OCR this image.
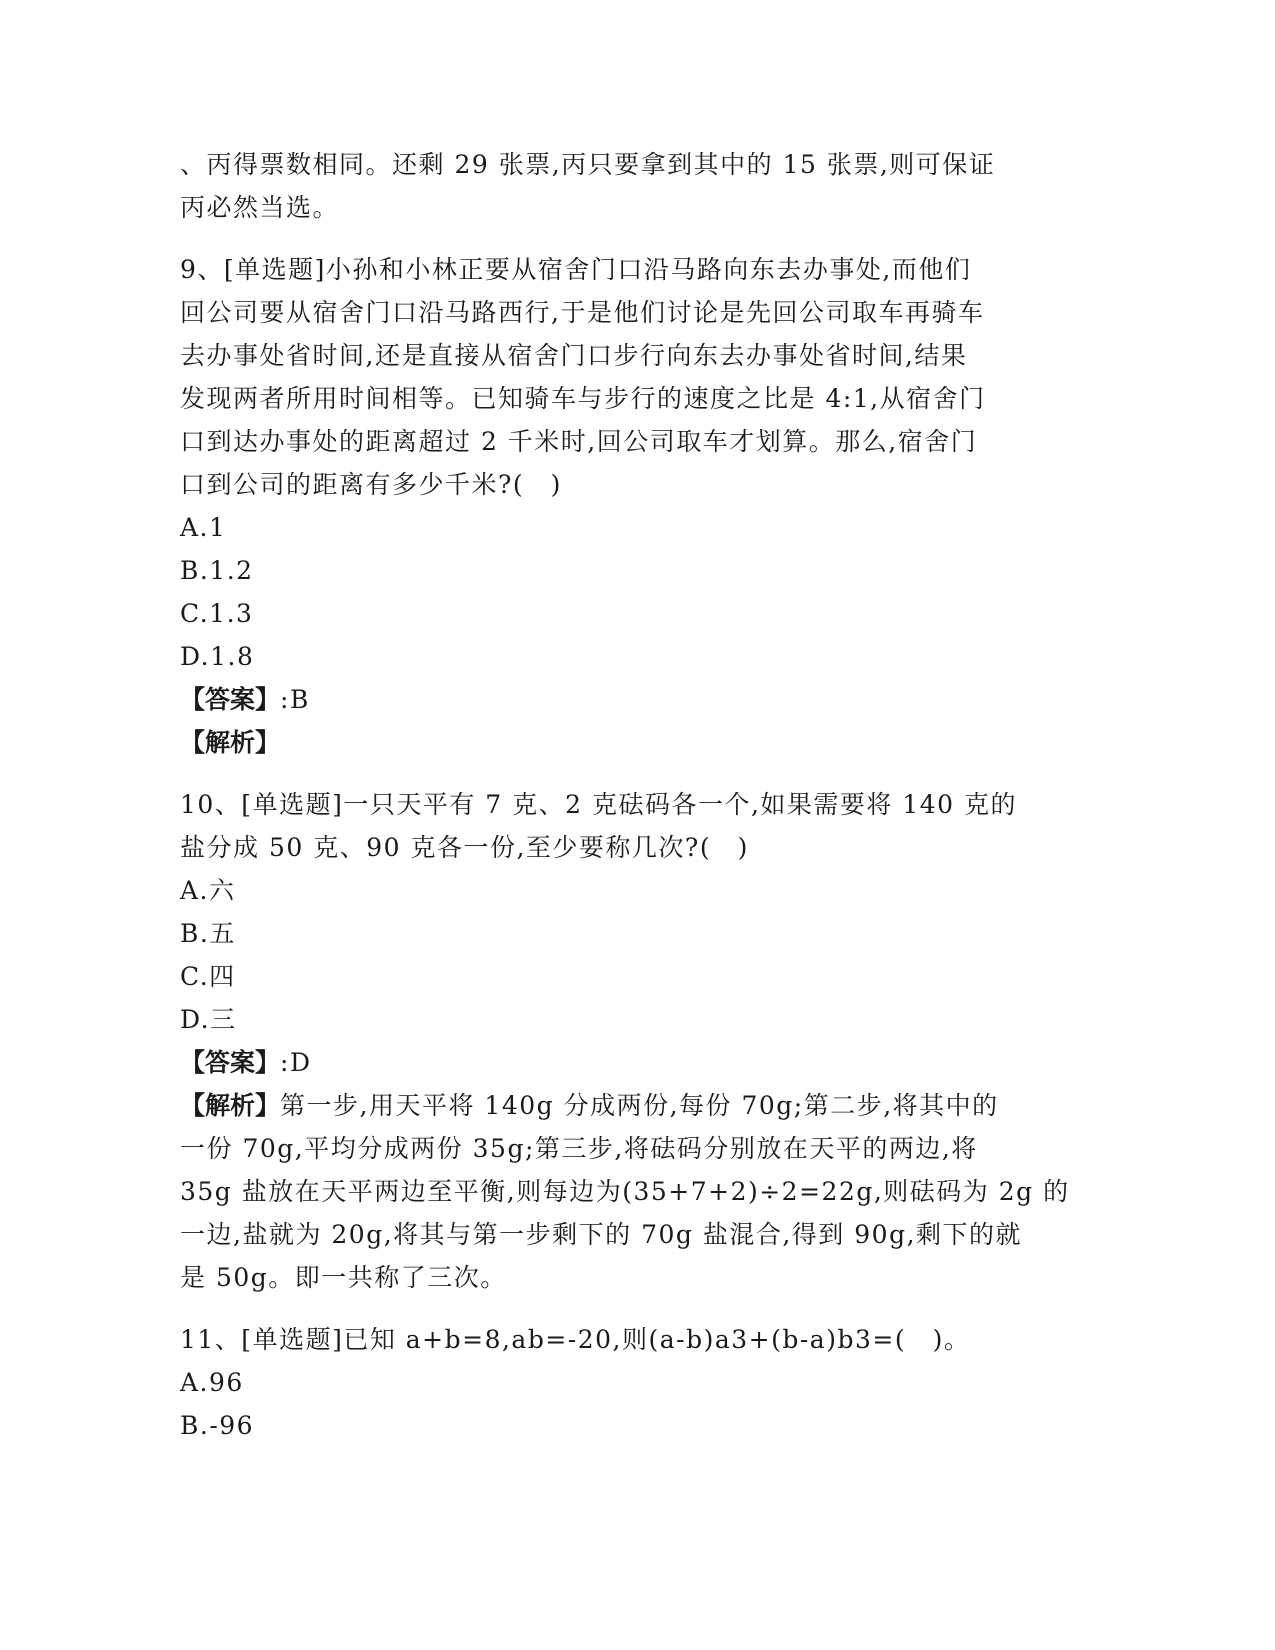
、丙得票数相同。还剩 29 张票,丙只要拿到其中的 15 张票,则可保证
丙必然当选。
9、[单选题]小孙和小林正要从宿舍门口沿马路向东去办事处,而他们
回公司要从宿舍门口沿马路西行,于是他们讨论是先回公司取车再骑车
去办事处省时间,还是直接从宿舍门口步行向东去办事处省时间,结果
发现两者所用时间相等。已知骑车与步行的速度之比是 4:1,从宿舍门
口到达办事处的距离超过 2 千米时,回公司取车才划算。那么,宿舍门
口到公司的距离有多少千米?(　)
A.1
B.1.2
C.1.3
D.1.8
【答案】:B
【解析】
10、[单选题]一只天平有 7 克、2 克砝码各一个,如果需要将 140 克的
盐分成 50 克、90 克各一份,至少要称几次?(　)
A.六
B.五
C.四
D.三
【答案】:D
【解析】第一步,用天平将 140g 分成两份,每份 70g;第二步,将其中的
一份 70g,平均分成两份 35g;第三步,将砝码分别放在天平的两边,将
35g 盐放在天平两边至平衡,则每边为(35+7+2)÷2=22g,则砝码为 2g 的
一边,盐就为 20g,将其与第一步剩下的 70g 盐混合,得到 90g,剩下的就
是 50g。即一共称了三次。
11、[单选题]已知 a+b=8,ab=-20,则(a-b)a3+(b-a)b3=(　)。
A.96
B.-96
